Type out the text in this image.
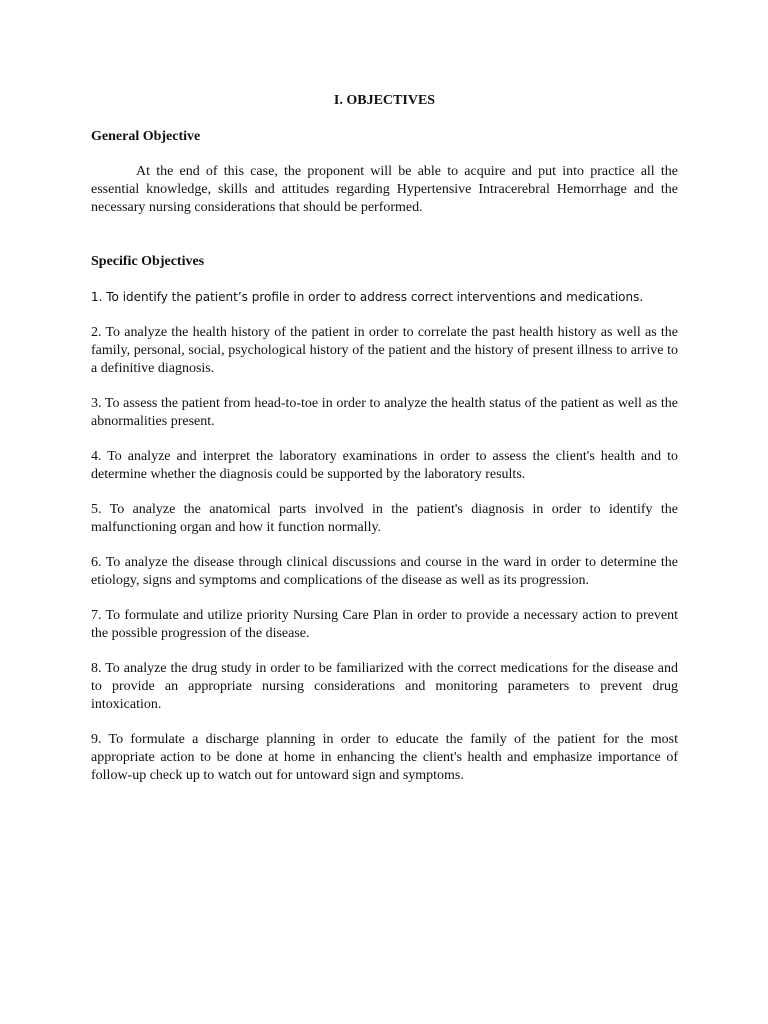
I. OBJECTIVES
General Objective

At the end of this case, the proponent will be able to acquire and put into practice all the essential knowledge, skills and attitudes regarding Hypertensive Intracerebral Hemorrhage and the necessary nursing considerations that should be performed.

Specific Objectives
1. To identify the patient’s profile in order to address correct interventions and medications.
2. To analyze the health history of the patient in order to correlate the past health history as well as the family, personal, social, psychological history of the patient and the history of present illness to arrive to a definitive diagnosis.
3. To assess the patient from head-to-toe in order to analyze the health status of the patient as well as the abnormalities present.
4. To analyze and interpret the laboratory examinations in order to assess the client's health and to determine whether the diagnosis could be supported by the laboratory results.
5. To analyze the anatomical parts involved in the patient's diagnosis in order to identify the malfunctioning organ and how it function normally.
6. To analyze the disease through clinical discussions and course in the ward in order to determine the etiology, signs and symptoms and complications of the disease as well as its progression.
7. To formulate and utilize priority Nursing Care Plan in order to provide a necessary action to prevent the possible progression of the disease.
8. To analyze the drug study in order to be familiarized with the correct medications for the disease and to provide an appropriate nursing considerations and monitoring parameters to prevent drug intoxication.
9. To formulate a discharge planning in order to educate the family of the patient for the most appropriate action to be done at home in enhancing the client's health and emphasize importance of follow-up check up to watch out for untoward sign and symptoms.
